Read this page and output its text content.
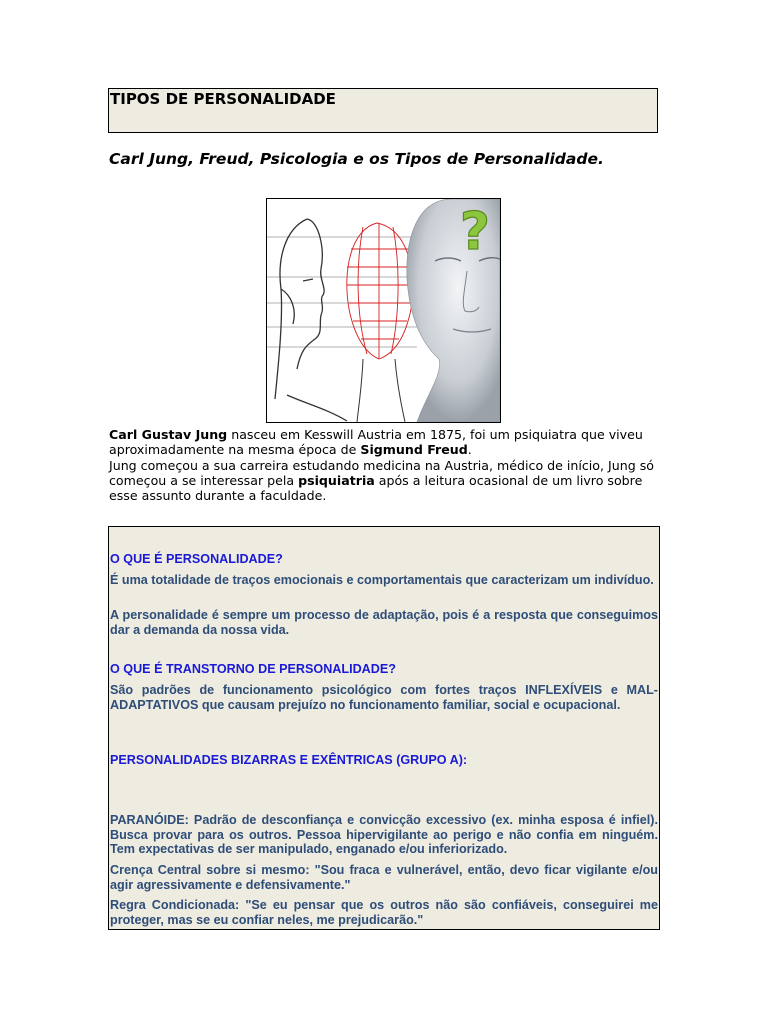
TIPOS DE PERSONALIDADE
Carl Jung, Freud, Psicologia e os Tipos de Personalidade.
?

Carl Gustav Jung nasceu em Kesswill Austria em 1875, foi um psiquiatra que viveu aproximadamente na mesma época de Sigmund Freud.

Jung começou a sua carreira estudando medicina na Austria, médico de início, Jung só começou a se interessar pela psiquiatria após a leitura ocasional de um livro sobre esse assunto durante a faculdade.

O QUE É PERSONALIDADE?
É uma totalidade de traços emocionais e comportamentais que caracterizam um indivíduo.
A personalidade é sempre um processo de adaptação, pois é a resposta que conseguimos dar a demanda da nossa vida.
O QUE É TRANSTORNO DE PERSONALIDADE?
São padrões de funcionamento psicológico com fortes traços INFLEXÍVEIS e MAL-ADAPTATIVOS que causam prejuízo no funcionamento familiar, social e ocupacional.
PERSONALIDADES BIZARRAS E EXÊNTRICAS (GRUPO A):
PARANÓIDE: Padrão de desconfiança e convicção excessivo (ex. minha esposa é infiel). Busca provar para os outros. Pessoa hipervigilante ao perigo e não confia em ninguém. Tem expectativas de ser manipulado, enganado e/ou inferiorizado.
Crença Central sobre si mesmo: "Sou fraca e vulnerável, então, devo ficar vigilante e/ou agir agressivamente e defensivamente."
Regra Condicionada: "Se eu pensar que os outros não são confiáveis, conseguirei me proteger, mas se eu confiar neles, me prejudicarão."
